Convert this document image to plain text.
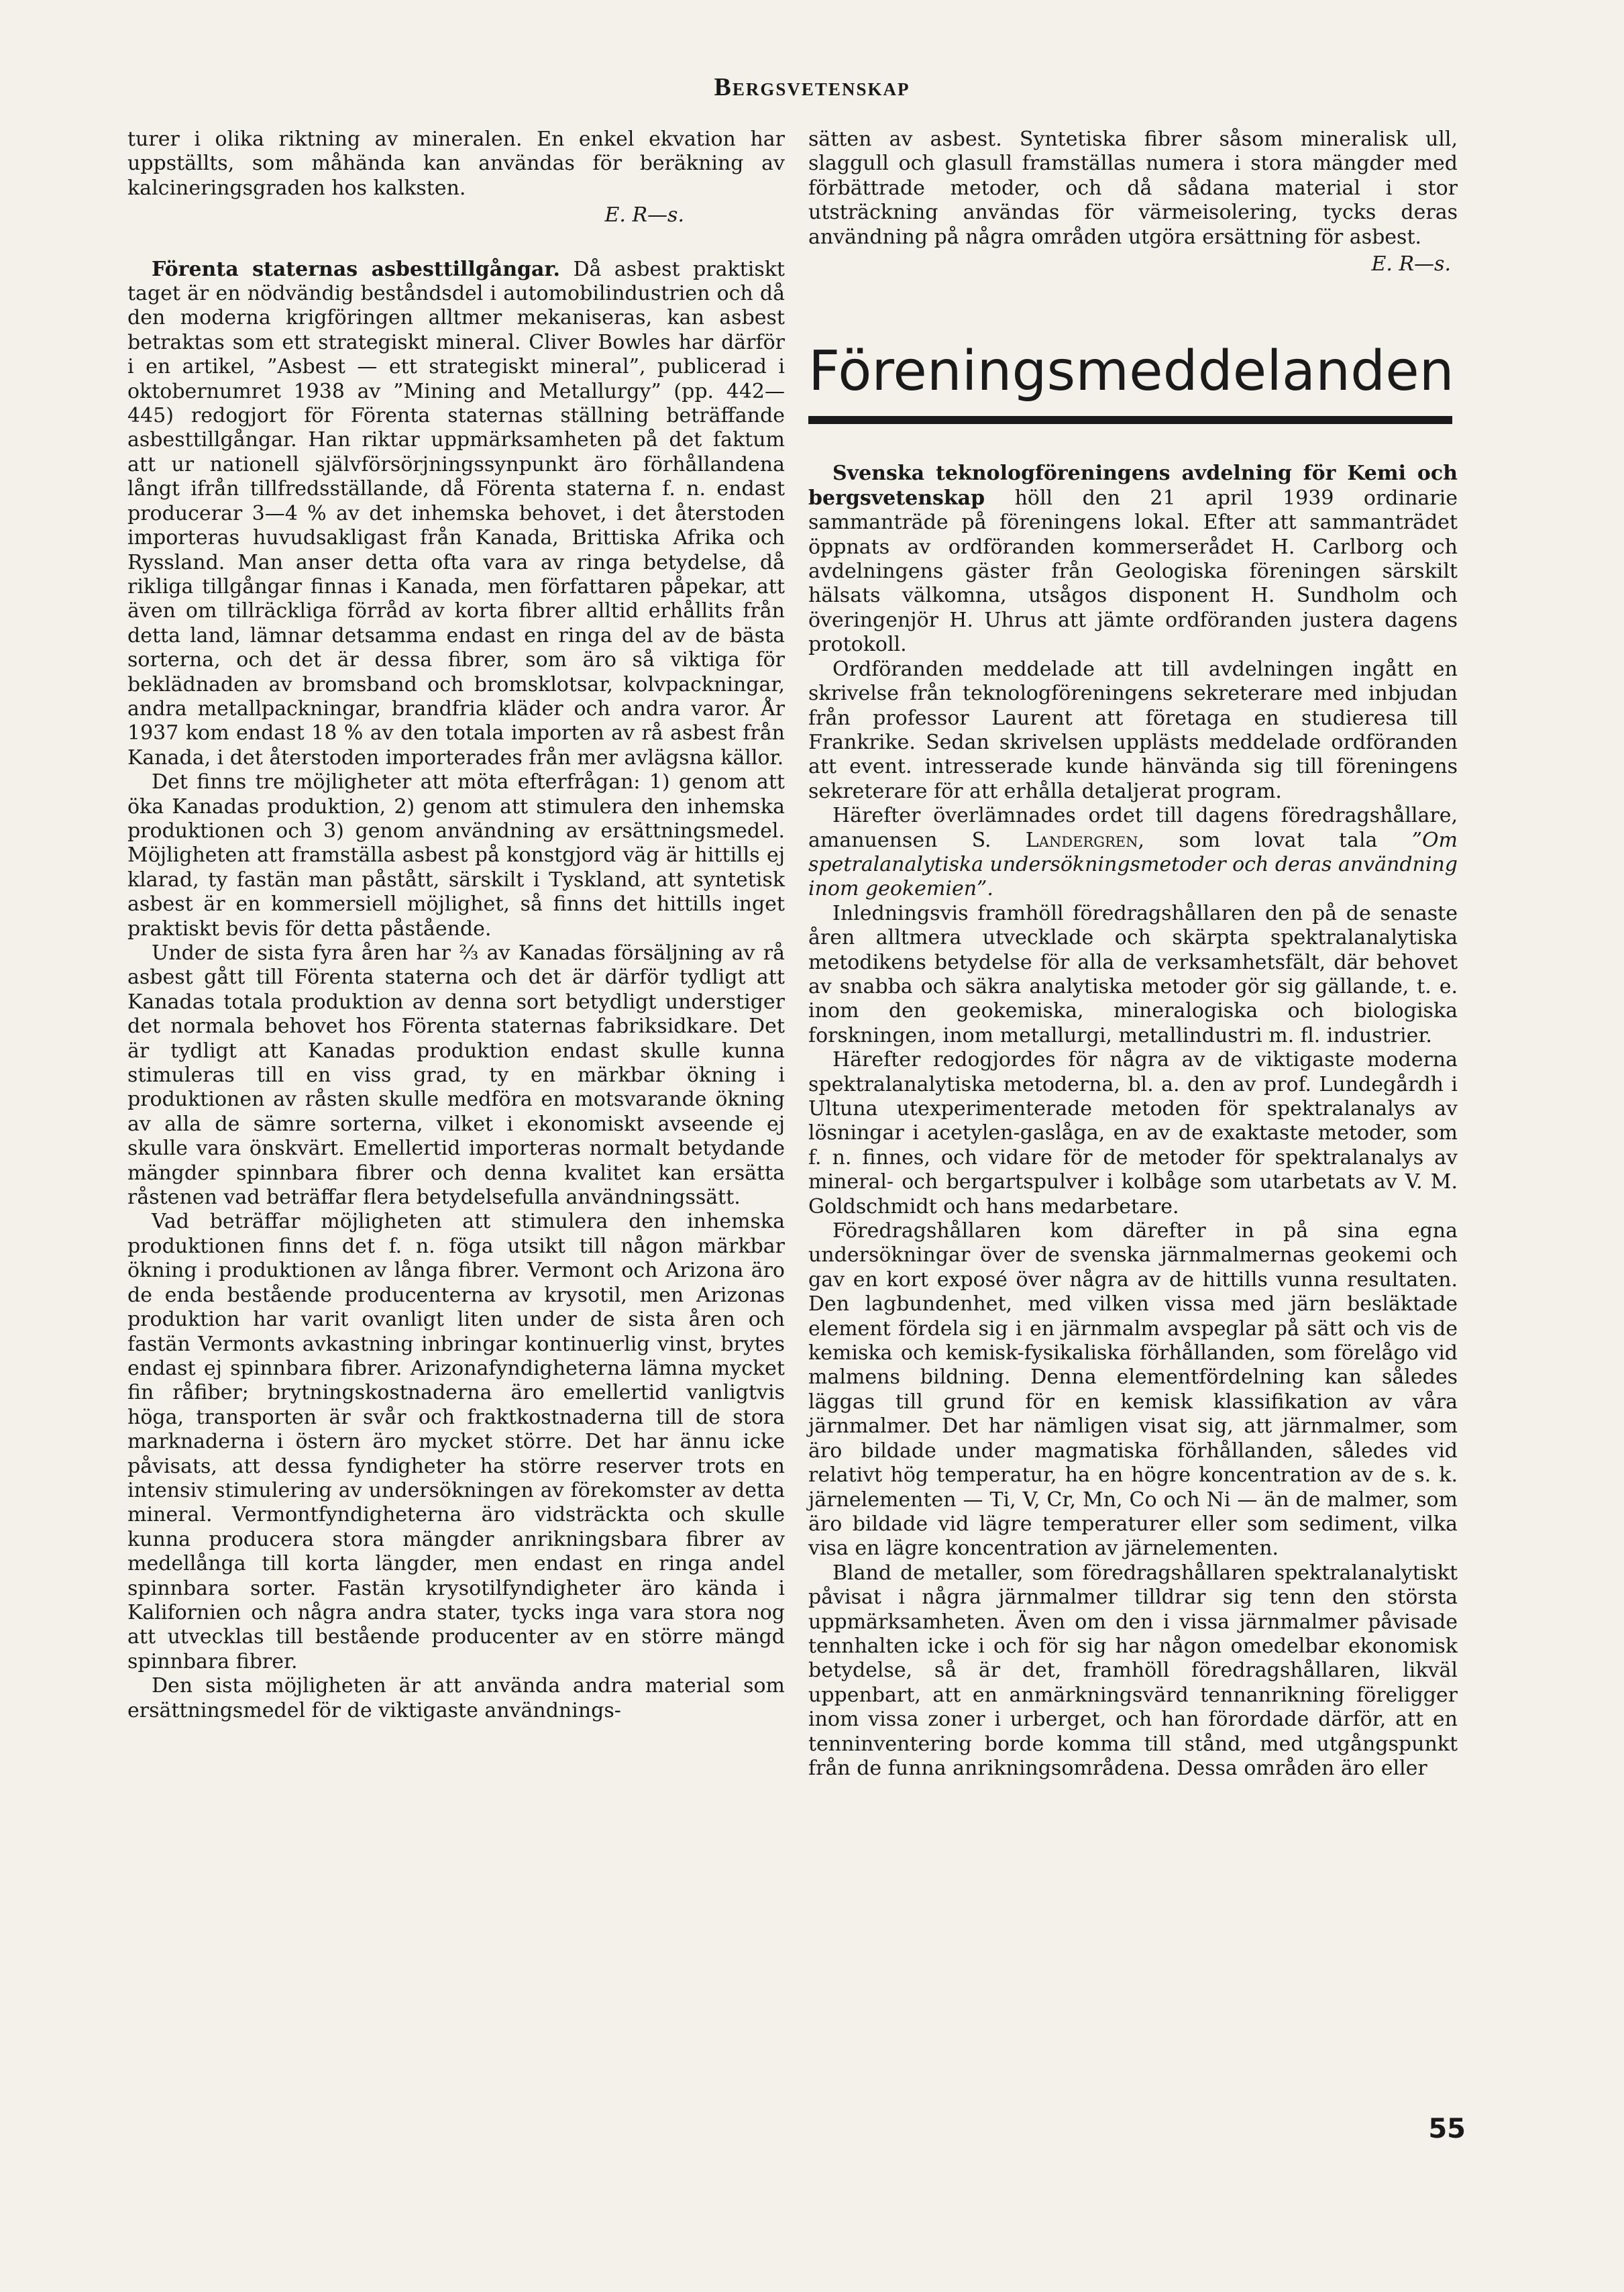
Bergsvetenskap

turer i olika riktning av mineralen. En enkel ekvation har uppställts, som måhända kan användas för beräkning av kalcineringsgraden hos kalksten.

E. R—s.

Förenta staternas asbesttillgångar. Då asbest praktiskt taget är en nödvändig beståndsdel i automobilindustrien och då den moderna krigföringen alltmer mekaniseras, kan asbest betraktas som ett strategiskt mineral. Cliver Bowles har därför i en artikel, ”Asbest — ett strategiskt mineral”, publicerad i oktobernumret 1938 av ”Mining and Metallurgy” (pp. 442—445) redogjort för Förenta staternas ställning beträffande asbesttillgångar. Han riktar uppmärksamheten på det faktum att ur nationell självförsörjningssynpunkt äro förhållandena långt ifrån tillfredsställande, då Förenta staterna f. n. endast producerar 3—4 % av det inhemska behovet, i det återstoden importeras huvudsakligast från Kanada, Brittiska Afrika och Ryssland. Man anser detta ofta vara av ringa betydelse, då rikliga tillgångar finnas i Kanada, men författaren påpekar, att även om tillräckliga förråd av korta fibrer alltid erhållits från detta land, lämnar detsamma endast en ringa del av de bästa sorterna, och det är dessa fibrer, som äro så viktiga för beklädnaden av bromsband och bromsklotsar, kolvpackningar, andra metallpackningar, brandfria kläder och andra varor. År 1937 kom endast 18 % av den totala importen av rå asbest från Kanada, i det återstoden importerades från mer avlägsna källor.

Det finns tre möjligheter att möta efterfrågan: 1) genom att öka Kanadas produktion, 2) genom att stimulera den inhemska produktionen och 3) genom användning av ersättningsmedel. Möjligheten att framställa asbest på konstgjord väg är hittills ej klarad, ty fastän man påstått, särskilt i Tyskland, att syntetisk asbest är en kommersiell möjlighet, så finns det hittills inget praktiskt bevis för detta påstående.

Under de sista fyra åren har ⅔ av Kanadas försäljning av rå asbest gått till Förenta staterna och det är därför tydligt att Kanadas totala produktion av denna sort betydligt understiger det normala behovet hos Förenta staternas fabriksidkare. Det är tydligt att Kanadas produktion endast skulle kunna stimuleras till en viss grad, ty en märkbar ökning i produktionen av råsten skulle medföra en motsvarande ökning av alla de sämre sorterna, vilket i ekonomiskt avseende ej skulle vara önskvärt. Emellertid importeras normalt betydande mängder spinnbara fibrer och denna kvalitet kan ersätta råstenen vad beträffar flera betydelsefulla användningssätt.

Vad beträffar möjligheten att stimulera den inhemska produktionen finns det f. n. föga utsikt till någon märkbar ökning i produktionen av långa fibrer. Vermont och Arizona äro de enda bestående producenterna av krysotil, men Arizonas produktion har varit ovanligt liten under de sista åren och fastän Vermonts avkastning inbringar kontinuerlig vinst, brytes endast ej spinnbara fibrer. Arizonafyndigheterna lämna mycket fin råfiber; brytningskostnaderna äro emellertid vanligtvis höga, transporten är svår och fraktkostnaderna till de stora marknaderna i östern äro mycket större. Det har ännu icke påvisats, att dessa fyndigheter ha större reserver trots en intensiv stimulering av undersökningen av förekomster av detta mineral. Vermontfyndigheterna äro vidsträckta och skulle kunna producera stora mängder anrikningsbara fibrer av medellånga till korta längder, men endast en ringa andel spinnbara sorter. Fastän krysotilfyndigheter äro kända i Kalifornien och några andra stater, tycks inga vara stora nog att utvecklas till bestående producenter av en större mängd spinnbara fibrer.

Den sista möjligheten är att använda andra material som ersättningsmedel för de viktigaste användnings-

sätten av asbest. Syntetiska fibrer såsom mineralisk ull, slaggull och glasull framställas numera i stora mängder med förbättrade metoder, och då sådana material i stor utsträckning användas för värmeisolering, tycks deras användning på några områden utgöra ersättning för asbest.

E. R—s.

Föreningsmeddelanden

Svenska teknologföreningens avdelning för Kemi och bergsvetenskap höll den 21 april 1939 ordinarie sammanträde på föreningens lokal. Efter att sammanträdet öppnats av ordföranden kommerserådet H. Carlborg och avdelningens gäster från Geologiska föreningen särskilt hälsats välkomna, utsågos disponent H. Sundholm och överingenjör H. Uhrus att jämte ordföranden justera dagens protokoll.

Ordföranden meddelade att till avdelningen ingått en skrivelse från teknologföreningens sekreterare med inbjudan från professor Laurent att företaga en studieresa till Frankrike. Sedan skrivelsen upplästs meddelade ordföranden att event. intresserade kunde hänvända sig till föreningens sekreterare för att erhålla detaljerat program.

Härefter överlämnades ordet till dagens föredragshållare, amanuensen S. Landergren, som lovat tala ”Om spetralanalytiska undersökningsmetoder och deras användning inom geokemien”.

Inledningsvis framhöll föredragshållaren den på de senaste åren alltmera utvecklade och skärpta spektralanalytiska metodikens betydelse för alla de verksamhetsfält, där behovet av snabba och säkra analytiska metoder gör sig gällande, t. e. inom den geokemiska, mineralogiska och biologiska forskningen, inom metallurgi, metallindustri m. fl. industrier.

Härefter redogjordes för några av de viktigaste moderna spektralanalytiska metoderna, bl. a. den av prof. Lundegårdh i Ultuna utexperimenterade metoden för spektralanalys av lösningar i acetylen-gaslåga, en av de exaktaste metoder, som f. n. finnes, och vidare för de metoder för spektralanalys av mineral- och bergartspulver i kolbåge som utarbetats av V. M. Goldschmidt och hans medarbetare.

Föredragshållaren kom därefter in på sina egna undersökningar över de svenska järnmalmernas geokemi och gav en kort exposé över några av de hittills vunna resultaten. Den lagbundenhet, med vilken vissa med järn besläktade element fördela sig i en järnmalm avspeglar på sätt och vis de kemiska och kemisk-fysikaliska förhållanden, som förelågo vid malmens bildning. Denna elementfördelning kan således läggas till grund för en kemisk klassifikation av våra järnmalmer. Det har nämligen visat sig, att järnmalmer, som äro bildade under magmatiska förhållanden, således vid relativt hög temperatur, ha en högre koncentration av de s. k. järnelementen — Ti, V, Cr, Mn, Co och Ni — än de malmer, som äro bildade vid lägre temperaturer eller som sediment, vilka visa en lägre koncentration av järnelementen.

Bland de metaller, som föredragshållaren spektralanalytiskt påvisat i några järnmalmer tilldrar sig tenn den största uppmärksamheten. Även om den i vissa järnmalmer påvisade tennhalten icke i och för sig har någon omedelbar ekonomisk betydelse, så är det, framhöll föredragshållaren, likväl uppenbart, att en anmärkningsvärd tennanrikning föreligger inom vissa zoner i urberget, och han förordade därför, att en tenninventering borde komma till stånd, med utgångspunkt från de funna anrikningsområdena. Dessa områden äro eller

55
